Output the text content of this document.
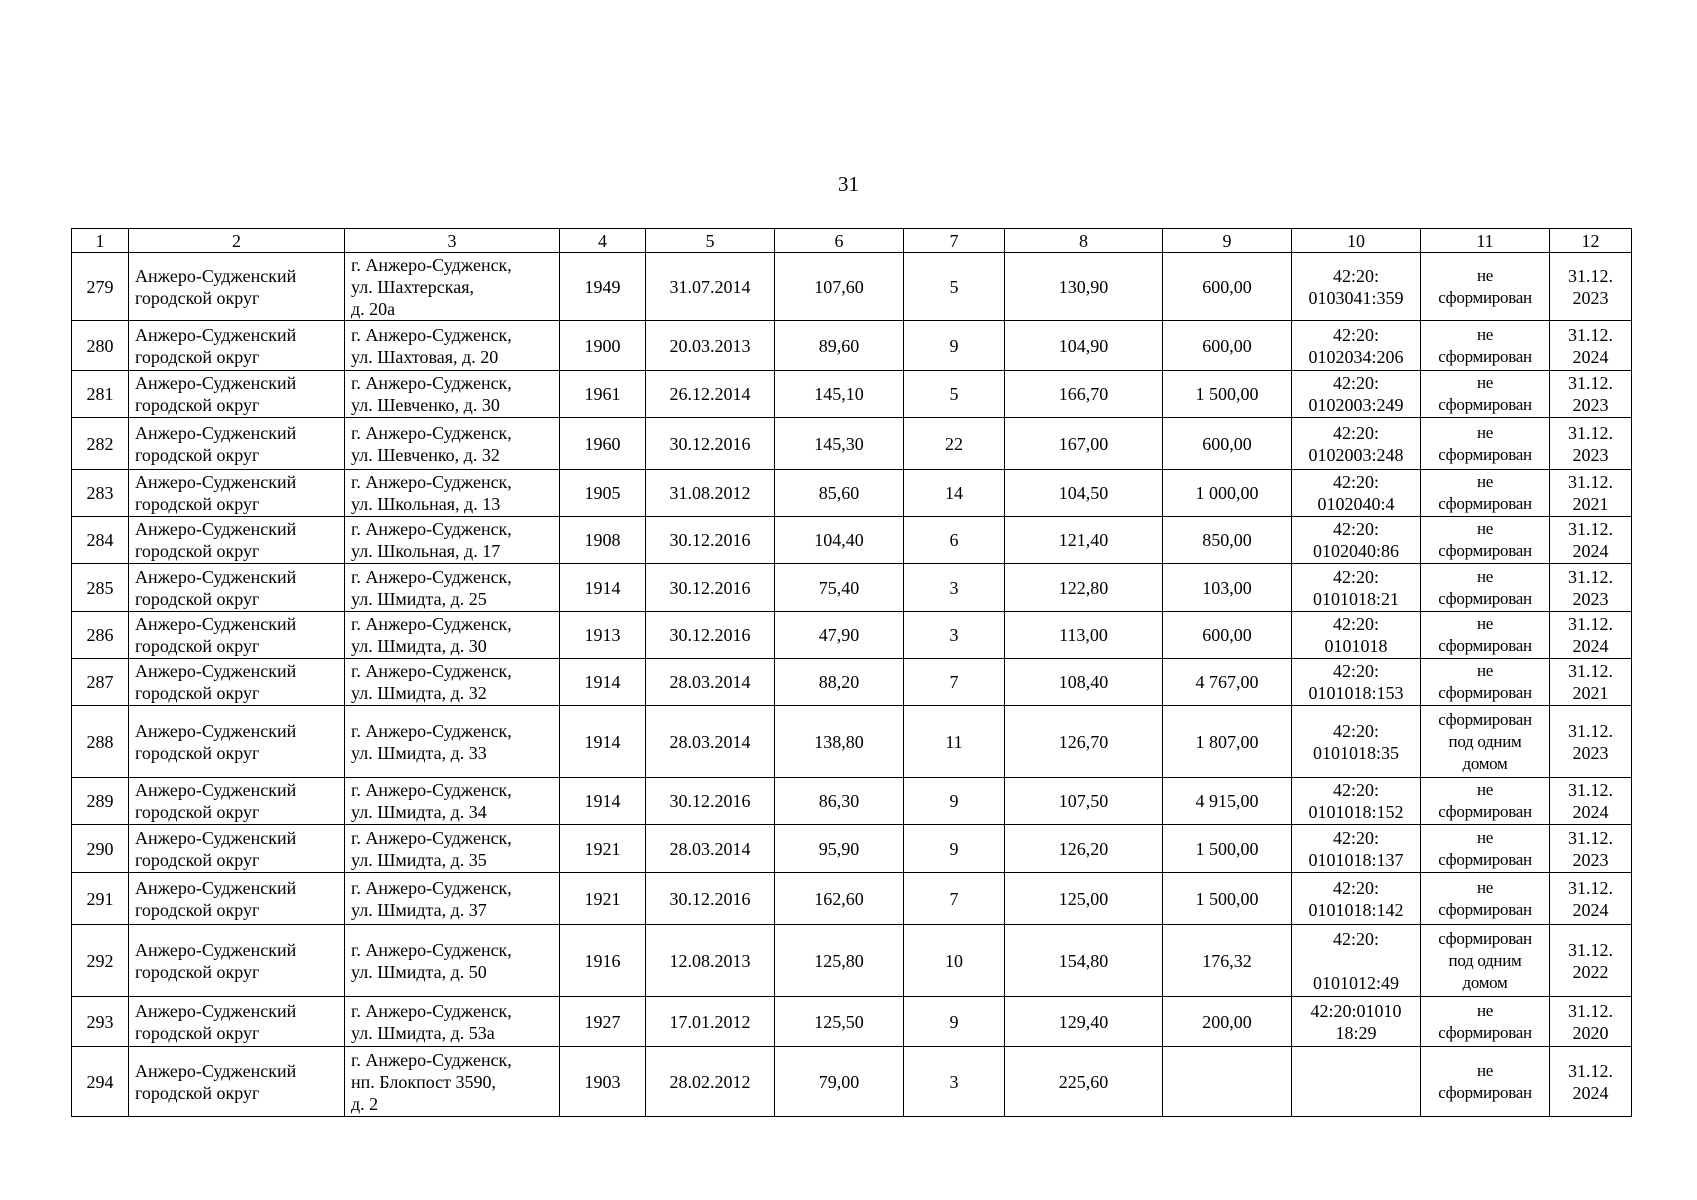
31
1	2	3	4	5	6	7	8	9	10	11	12
279	Анжеро-Судженский
городской округ	г. Анжеро-Судженск,
ул. Шахтерская,
д. 20а	1949	31.07.2014	107,60	5	130,90	600,00	42:20:
0103041:359	не
сформирован	31.12.
2023

280	Анжеро-Судженский
городской округ	г. Анжеро-Судженск,
ул. Шахтовая, д. 20	1900	20.03.2013	89,60	9	104,90	600,00	42:20:
0102034:206	не
сформирован	31.12.
2024

281	Анжеро-Судженский
городской округ	г. Анжеро-Судженск,
ул. Шевченко, д. 30	1961	26.12.2014	145,10	5	166,70	1 500,00	42:20:
0102003:249	не
сформирован	31.12.
2023

282	Анжеро-Судженский
городской округ	г. Анжеро-Судженск,
ул. Шевченко, д. 32	1960	30.12.2016	145,30	22	167,00	600,00	42:20:
0102003:248	не
сформирован	31.12.
2023

283	Анжеро-Судженский
городской округ	г. Анжеро-Судженск,
ул. Школьная, д. 13	1905	31.08.2012	85,60	14	104,50	1 000,00	42:20:
0102040:4	не
сформирован	31.12.
2021

284	Анжеро-Судженский
городской округ	г. Анжеро-Судженск,
ул. Школьная, д. 17	1908	30.12.2016	104,40	6	121,40	850,00	42:20:
0102040:86	не
сформирован	31.12.
2024

285	Анжеро-Судженский
городской округ	г. Анжеро-Судженск,
ул. Шмидта, д. 25	1914	30.12.2016	75,40	3	122,80	103,00	42:20:
0101018:21	не
сформирован	31.12.
2023

286	Анжеро-Судженский
городской округ	г. Анжеро-Судженск,
ул. Шмидта, д. 30	1913	30.12.2016	47,90	3	113,00	600,00	42:20:
0101018	не
сформирован	31.12.
2024

287	Анжеро-Судженский
городской округ	г. Анжеро-Судженск,
ул. Шмидта, д. 32	1914	28.03.2014	88,20	7	108,40	4 767,00	42:20:
0101018:153	не
сформирован	31.12.
2021

288	Анжеро-Судженский
городской округ	г. Анжеро-Судженск,
ул. Шмидта, д. 33	1914	28.03.2014	138,80	11	126,70	1 807,00	42:20:
0101018:35	сформирован
под одним
домом	31.12.
2023

289	Анжеро-Судженский
городской округ	г. Анжеро-Судженск,
ул. Шмидта, д. 34	1914	30.12.2016	86,30	9	107,50	4 915,00	42:20:
0101018:152	не
сформирован	31.12.
2024

290	Анжеро-Судженский
городской округ	г. Анжеро-Судженск,
ул. Шмидта, д. 35	1921	28.03.2014	95,90	9	126,20	1 500,00	42:20:
0101018:137	не
сформирован	31.12.
2023

291	Анжеро-Судженский
городской округ	г. Анжеро-Судженск,
ул. Шмидта, д. 37	1921	30.12.2016	162,60	7	125,00	1 500,00	42:20:
0101018:142	не
сформирован	31.12.
2024

292	Анжеро-Судженский
городской округ	г. Анжеро-Судженск,
ул. Шмидта, д. 50	1916	12.08.2013	125,80	10	154,80	176,32	42:20:

0101012:49	сформирован
под одним
домом	31.12.
2022

293	Анжеро-Судженский
городской округ	г. Анжеро-Судженск,
ул. Шмидта, д. 53а	1927	17.01.2012	125,50	9	129,40	200,00	42:20:01010
18:29	не
сформирован	31.12.
2020

294	Анжеро-Судженский
городской округ	г. Анжеро-Судженск,
нп. Блокпост 3590,
д. 2	1903	28.02.2012	79,00	3	225,60			не
сформирован	31.12.
2024
